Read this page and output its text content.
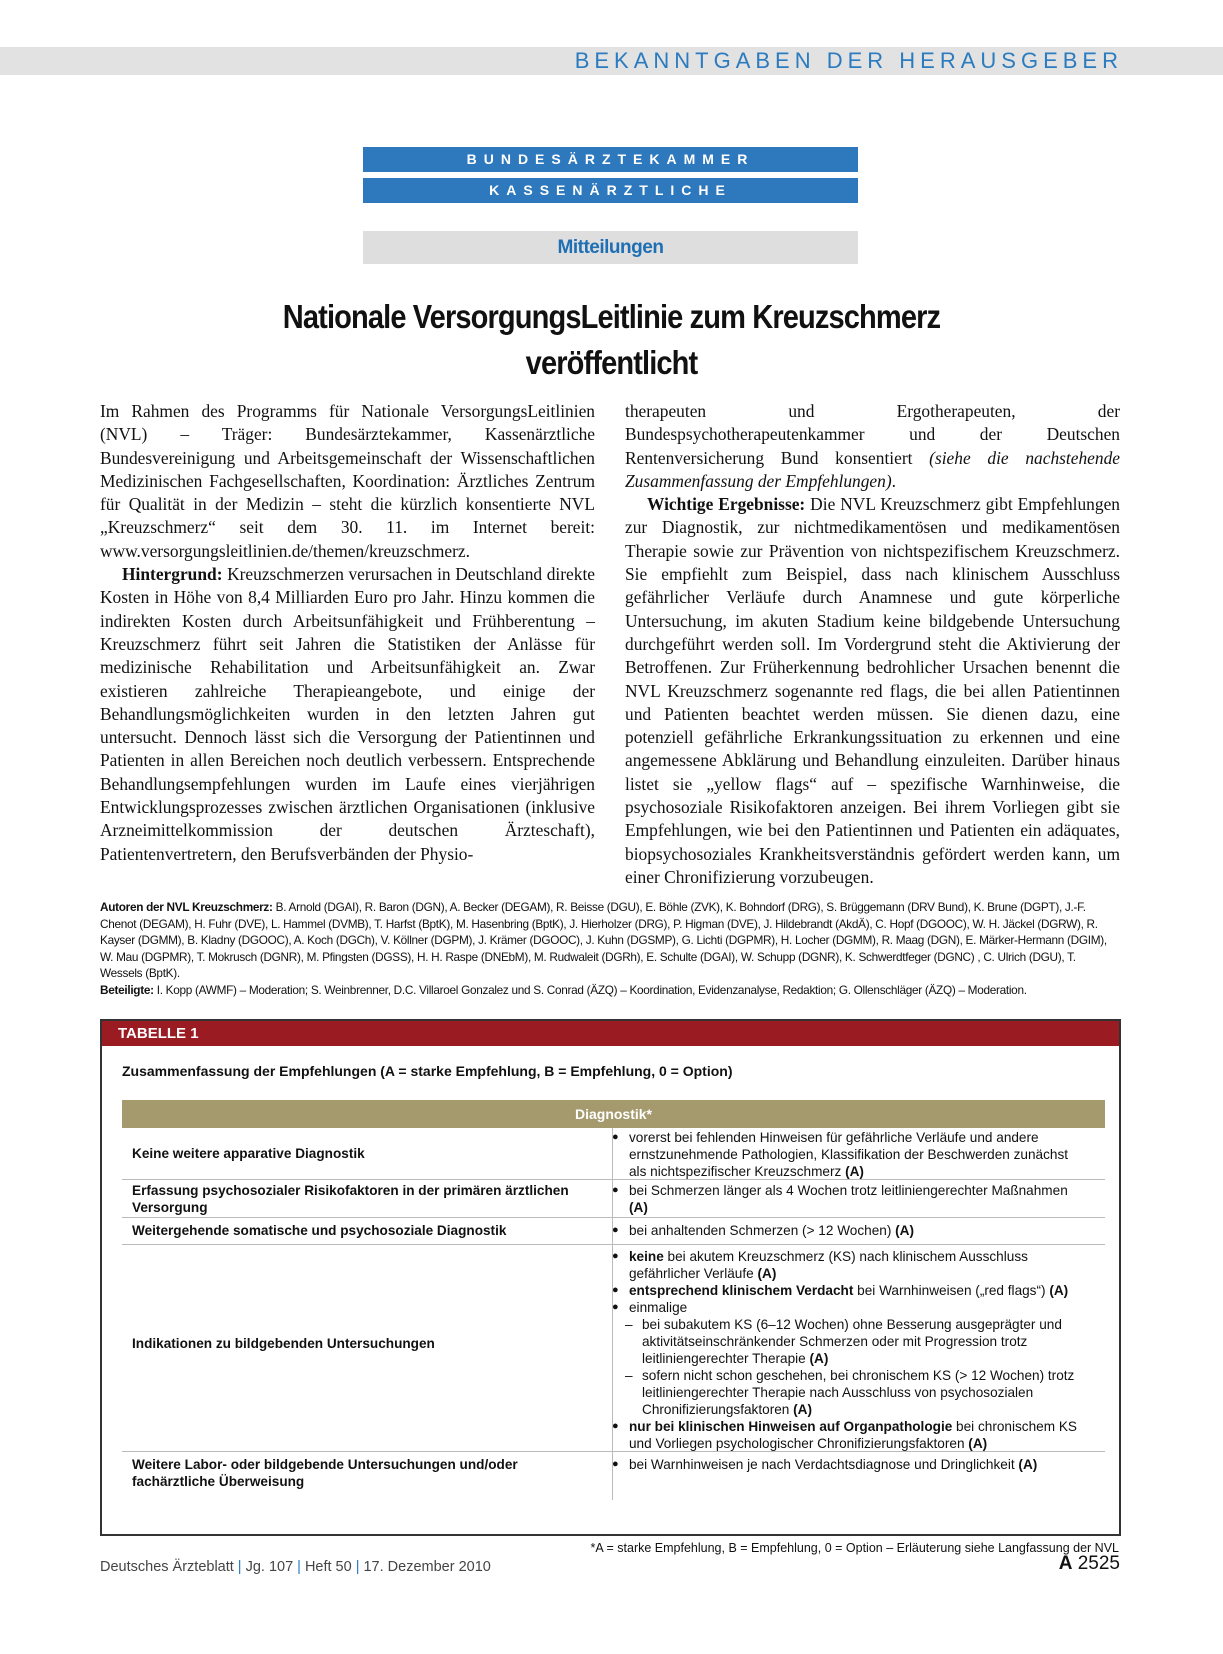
BEKANNTGABEN DER HERAUSGEBER
BUNDESÄRZTEKAMMER
KASSENÄRZTLICHE BUNDESVEREINIGUNG
Mitteilungen
Nationale VersorgungsLeitlinie zum Kreuzschmerz
veröffentlicht

Im Rahmen des Programms für Nationale VersorgungsLeitlinien (NVL) – Träger: Bundesärztekammer, Kassenärztliche Bundesvereinigung und Arbeitsgemeinschaft der Wissenschaftlichen Medizinischen Fachgesellschaften, Koordination: Ärztliches Zentrum für Qualität in der Medizin – steht die kürzlich konsentierte NVL „Kreuzschmerz“ seit dem 30. 11. im Internet bereit: www.versorgungsleitlinien.de/themen/kreuzschmerz.

Hintergrund: Kreuzschmerzen verursachen in Deutschland direkte Kosten in Höhe von 8,4 Milliarden Euro pro Jahr. Hinzu kommen die indirekten Kosten durch Arbeitsunfähigkeit und Frühberentung – Kreuzschmerz führt seit Jahren die Statistiken der Anlässe für medizinische Rehabilitation und Arbeitsunfähigkeit an. Zwar existieren zahlreiche Therapieangebote, und einige der Behandlungsmöglichkeiten wurden in den letzten Jahren gut untersucht. Dennoch lässt sich die Versorgung der Patientinnen und Patienten in allen Bereichen noch deutlich verbessern. Entsprechende Behandlungsempfehlungen wurden im Laufe eines vierjährigen Entwicklungsprozesses zwischen ärztlichen Organisationen (inklusive Arzneimittelkommission der deutschen Ärzteschaft), Patientenvertretern, den Berufsverbänden der Physio-

therapeuten und Ergotherapeuten, der Bundespsychotherapeutenkammer und der Deutschen Rentenversicherung Bund konsentiert (siehe die nachstehende Zusammenfassung der Empfehlungen).

Wichtige Ergebnisse: Die NVL Kreuzschmerz gibt Empfehlungen zur Diagnostik, zur nichtmedikamentösen und medikamentösen Therapie sowie zur Prävention von nichtspezifischem Kreuzschmerz. Sie empfiehlt zum Beispiel, dass nach klinischem Ausschluss gefährlicher Verläufe durch Anamnese und gute körperliche Untersuchung, im akuten Stadium keine bildgebende Untersuchung durchgeführt werden soll. Im Vordergrund steht die Aktivierung der Betroffenen. Zur Früherkennung bedrohlicher Ursachen benennt die NVL Kreuzschmerz sogenannte red flags, die bei allen Patientinnen und Patienten beachtet werden müssen. Sie dienen dazu, eine potenziell gefährliche Erkrankungssituation zu erkennen und eine angemessene Abklärung und Behandlung einzuleiten. Darüber hinaus listet sie „yellow flags“ auf – spezifische Warnhinweise, die psychosoziale Risikofaktoren anzeigen. Bei ihrem Vorliegen gibt sie Empfehlungen, wie bei den Patientinnen und Patienten ein adäquates, biopsychosoziales Krankheitsverständnis gefördert werden kann, um einer Chronifizierung vorzubeugen.

Autoren der NVL Kreuzschmerz: B. Arnold (DGAI), R. Baron (DGN), A. Becker (DEGAM), R. Beisse (DGU), E. Böhle (ZVK), K. Bohndorf (DRG), S. Brüggemann (DRV Bund), K. Brune (DGPT), J.-F. Chenot (DEGAM), H. Fuhr (DVE), L. Hammel (DVMB), T. Harfst (BptK), M. Hasenbring (BptK), J. Hierholzer (DRG), P. Higman (DVE), J. Hildebrandt (AkdÄ), C. Hopf (DGOOC), W. H. Jäckel (DGRW), R. Kayser (DGMM), B. Kladny (DGOOC), A. Koch (DGCh), V. Köllner (DGPM), J. Krämer (DGOOC), J. Kuhn (DGSMP), G. Lichti (DGPMR), H. Locher (DGMM), R. Maag (DGN), E. Märker-Hermann (DGIM), W. Mau (DGPMR), T. Mokrusch (DGNR), M. Pfingsten (DGSS), H. H. Raspe (DNEbM), M. Rudwaleit (DGRh), E. Schulte (DGAI), W. Schupp (DGNR), K. Schwerdtfeger (DGNC) , C. Ulrich (DGU), T. Wessels (BptK).
Beteiligte: I. Kopp (AWMF) – Moderation; S. Weinbrenner, D.C. Villaroel Gonzalez und S. Conrad (ÄZQ) – Koordination, Evidenzanalyse, Redaktion; G. Ollenschläger (ÄZQ) – Moderation.
TABELLE 1
Zusammenfassung der Empfehlungen (A = starke Empfehlung, B = Empfehlung, 0 = Option)
Diagnostik*
Keine weitere apparative Diagnostik
● vorerst bei fehlenden Hinweisen für gefährliche Verläufe und andere ernstzunehmende Pathologien, Klassifikation der Beschwerden zunächst als nichtspezifischer Kreuzschmerz (A)
Erfassung psychosozialer Risikofaktoren in der primären ärztlichen Versorgung
● bei Schmerzen länger als 4 Wochen trotz leitliniengerechter Maßnahmen (A)
Weitergehende somatische und psychosoziale Diagnostik
●	bei anhaltenden Schmerzen (> 12 Wochen) (A)
Indikationen zu bildgebenden Untersuchungen
● keine bei akutem Kreuzschmerz (KS) nach klinischem Ausschluss gefährlicher Verläufe (A)
● entsprechend klinischem Verdacht bei Warnhinweisen („red flags“) (A)
● einmalige
– bei subakutem KS (6–12 Wochen) ohne Besserung ausgeprägter und aktivitätseinschränkender Schmerzen oder mit Progression trotz leitliniengerechter Therapie (A)
– sofern nicht schon geschehen, bei chronischem KS (> 12 Wochen) trotz leitliniengerechter Therapie nach Ausschluss von psychosozialen Chronifizierungsfaktoren (A)
● nur bei klinischen Hinweisen auf Organpathologie bei chronischem KS und Vorliegen psychologischer Chronifizierungsfaktoren (A)
Weitere Labor- oder bildgebende Untersuchungen und/oder fachärztliche Überweisung
● bei Warnhinweisen je nach Verdachtsdiagnose und Dringlichkeit (A)
*A = starke Empfehlung, B = Empfehlung, 0 = Option – Erläuterung siehe Langfassung der NVL
Deutsches Ärzteblatt | Jg. 107 | Heft 50 | 17. Dezember 2010	A 2525
